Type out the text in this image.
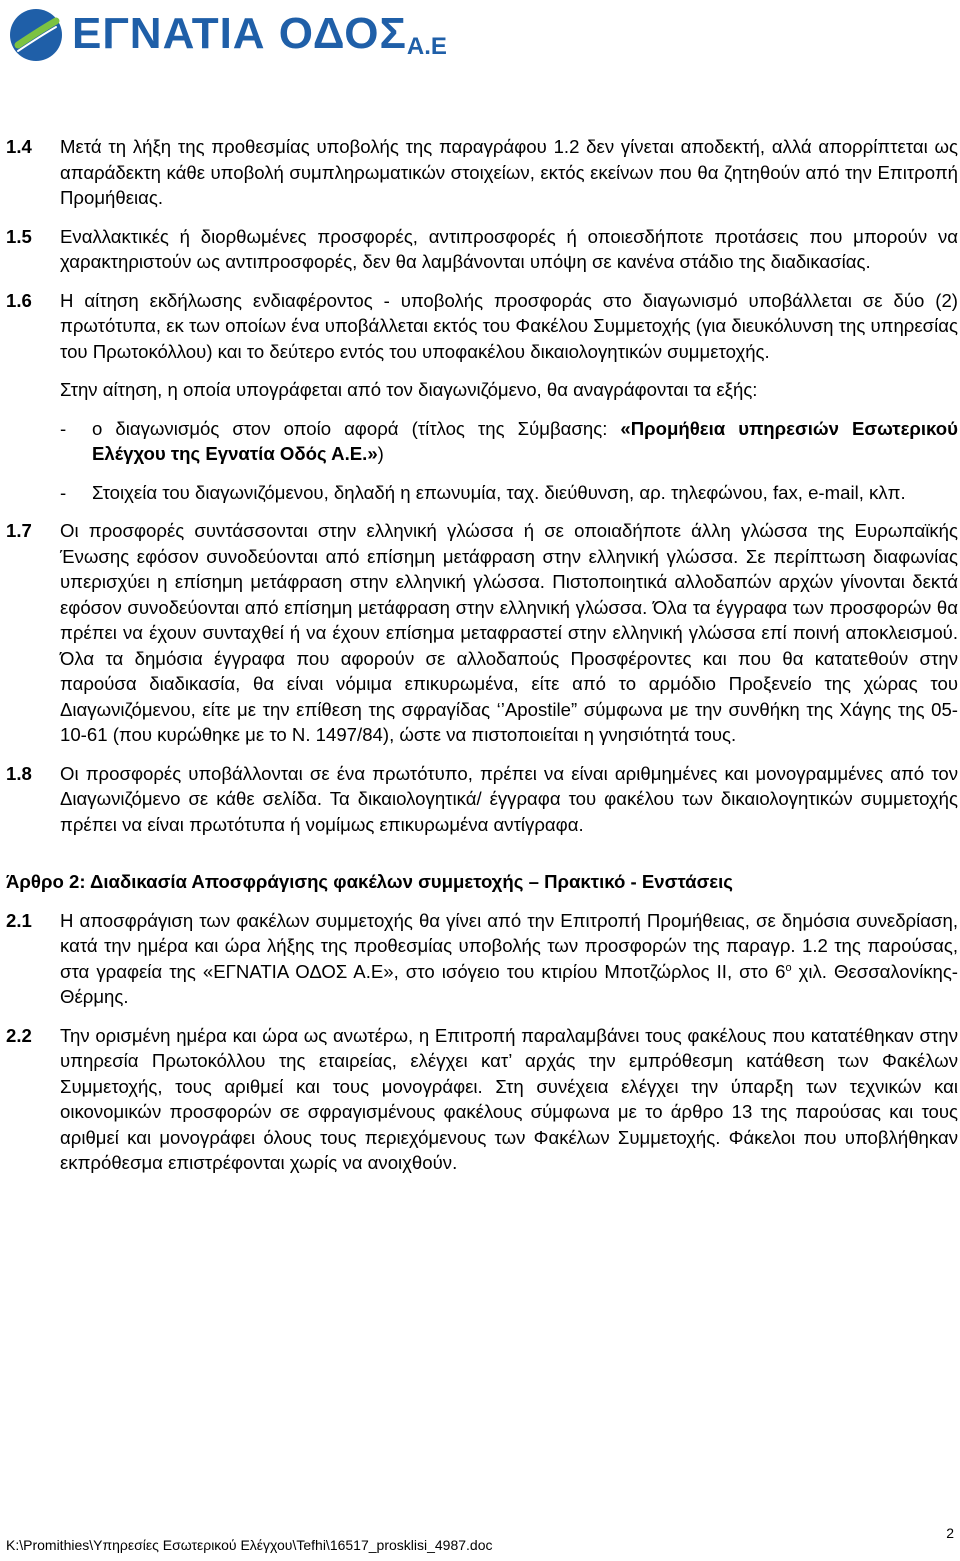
ΕΓΝΑΤΙΑ ΟΔΟΣΑ.Ε
1.4 Μετά τη λήξη της προθεσμίας υποβολής της παραγράφου 1.2 δεν γίνεται αποδεκτή, αλλά απορρίπτεται ως απαράδεκτη κάθε υποβολή συμπληρωματικών στοιχείων, εκτός εκείνων που θα ζητηθούν από την Επιτροπή Προμήθειας.
1.5 Εναλλακτικές ή διορθωμένες προσφορές, αντιπροσφορές ή οποιεσδήποτε προτάσεις που μπορούν να χαρακτηριστούν ως αντιπροσφορές, δεν θα λαμβάνονται υπόψη σε κανένα στάδιο της διαδικασίας.
1.6 Η αίτηση εκδήλωσης ενδιαφέροντος - υποβολής προσφοράς στο διαγωνισμό υποβάλλεται σε δύο (2) πρωτότυπα, εκ των οποίων ένα υποβάλλεται εκτός του Φακέλου Συμμετοχής (για διευκόλυνση της υπηρεσίας του Πρωτοκόλλου) και το δεύτερο εντός του υποφακέλου δικαιολογητικών συμμετοχής.
Στην αίτηση, η οποία υπογράφεται από τον διαγωνιζόμενο, θα αναγράφονται τα εξής:
- ο διαγωνισμός στον οποίο αφορά (τίτλος της Σύμβασης: «Προμήθεια υπηρεσιών Εσωτερικού Ελέγχου της Εγνατία Οδός Α.Ε.»)
- Στοιχεία του διαγωνιζόμενου, δηλαδή η επωνυμία, ταχ. διεύθυνση, αρ. τηλεφώνου, fax, e-mail, κλπ.
1.7 Οι προσφορές συντάσσονται στην ελληνική γλώσσα ή σε οποιαδήποτε άλλη γλώσσα της Ευρωπαϊκής Ένωσης εφόσον συνοδεύονται από επίσημη μετάφραση στην ελληνική γλώσσα. Σε περίπτωση διαφωνίας υπερισχύει η επίσημη μετάφραση στην ελληνική γλώσσα. Πιστοποιητικά αλλοδαπών αρχών γίνονται δεκτά εφόσον συνοδεύονται από επίσημη μετάφραση στην ελληνική γλώσσα. Όλα τα έγγραφα των προσφορών θα πρέπει να έχουν συνταχθεί ή να έχουν επίσημα μεταφραστεί στην ελληνική γλώσσα επί ποινή αποκλεισμού. Όλα τα δημόσια έγγραφα που αφορούν σε αλλοδαπούς Προσφέροντες και που θα κατατεθούν στην παρούσα διαδικασία, θα είναι νόμιμα επικυρωμένα, είτε από το αρμόδιο Προξενείο της χώρας του Διαγωνιζόμενου, είτε με την επίθεση της σφραγίδας ‘’Apostile” σύμφωνα με την συνθήκη της Χάγης της 05-10-61 (που κυρώθηκε με το Ν. 1497/84), ώστε να πιστοποιείται η γνησιότητά τους.
1.8 Οι προσφορές υποβάλλονται σε ένα πρωτότυπο, πρέπει να είναι αριθμημένες και μονογραμμένες από τον Διαγωνιζόμενο σε κάθε σελίδα. Τα δικαιολογητικά/ έγγραφα του φακέλου των δικαιολογητικών συμμετοχής πρέπει να είναι πρωτότυπα ή νομίμως επικυρωμένα αντίγραφα.
Άρθρο 2: Διαδικασία Αποσφράγισης φακέλων συμμετοχής – Πρακτικό - Ενστάσεις
2.1 Η αποσφράγιση των φακέλων συμμετοχής θα γίνει από την Επιτροπή Προμήθειας, σε δημόσια συνεδρίαση, κατά την ημέρα και ώρα λήξης της προθεσμίας υποβολής των προσφορών της παραγρ. 1.2 της παρούσας, στα γραφεία της «ΕΓΝΑΤΙΑ ΟΔΟΣ Α.Ε», στο ισόγειο του κτιρίου Μποτζώρλος ΙΙ, στο $6^o$ χιλ. Θεσσαλονίκης-Θέρμης.
2.2 Την ορισμένη ημέρα και ώρα ως ανωτέρω, η Επιτροπή παραλαμβάνει τους φακέλους που κατατέθηκαν στην υπηρεσία Πρωτοκόλλου της εταιρείας, ελέγχει κατ’ αρχάς την εμπρόθεσμη κατάθεση των Φακέλων Συμμετοχής, τους αριθμεί και τους μονογράφει. Στη συνέχεια ελέγχει την ύπαρξη των τεχνικών και οικονομικών προσφορών σε σφραγισμένους φακέλους σύμφωνα με το άρθρο 13 της παρούσας και τους αριθμεί και μονογράφει όλους τους περιεχόμενους των Φακέλων Συμμετοχής. Φάκελοι που υποβλήθηκαν εκπρόθεσμα επιστρέφονται χωρίς να ανοιχθούν.
K:\Promithies\Υπηρεσίες Εσωτερικού Ελέγχου\Tefhi\16517_prosklisi_4987.doc
2
